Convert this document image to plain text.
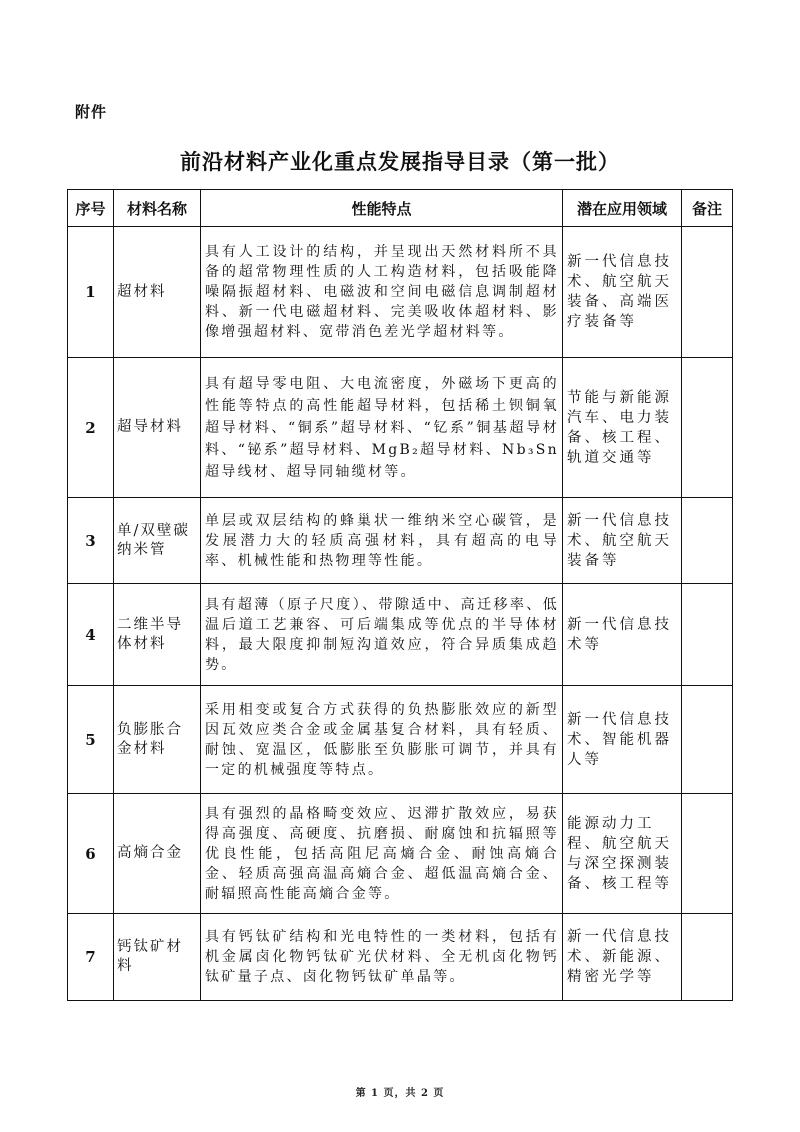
附件
前沿材料产业化重点发展指导目录（第一批）
序号	材料名称	性能特点	潜在应用领域	备注
1	超材料	具有人工设计的结构，并呈现出天然材料所不具备的超常物理性质的人工构造材料，包括吸能降噪隔振超材料、电磁波和空间电磁信息调制超材料、新一代电磁超材料、完美吸收体超材料、影像增强超材料、宽带消色差光学超材料等。	新一代信息技术、航空航天装备、高端医疗装备等	
2	超导材料	具有超导零电阻、大电流密度，外磁场下更高的性能等特点的高性能超导材料，包括稀土钡铜氧超导材料、“铜系”超导材料、“钇系”铜基超导材料、“铋系”超导材料、MgB₂超导材料、Nb₃Sn超导线材、超导同轴缆材等。	节能与新能源汽车、电力装备、核工程、轨道交通等	
3	单/双壁碳纳米管	单层或双层结构的蜂巢状一维纳米空心碳管，是发展潜力大的轻质高强材料，具有超高的电导率、机械性能和热物理等性能。	新一代信息技术、航空航天装备等	
4	二维半导体材料	具有超薄（原子尺度）、带隙适中、高迁移率、低温后道工艺兼容、可后端集成等优点的半导体材料，最大限度抑制短沟道效应，符合异质集成趋势。	新一代信息技术等	
5	负膨胀合金材料	采用相变或复合方式获得的负热膨胀效应的新型因瓦效应类合金或金属基复合材料，具有轻质、耐蚀、宽温区，低膨胀至负膨胀可调节，并具有一定的机械强度等特点。	新一代信息技术、智能机器人等	
6	高熵合金	具有强烈的晶格畸变效应、迟滞扩散效应，易获得高强度、高硬度、抗磨损、耐腐蚀和抗辐照等优良性能，包括高阻尼高熵合金、耐蚀高熵合金、轻质高强高温高熵合金、超低温高熵合金、耐辐照高性能高熵合金等。	能源动力工程、航空航天与深空探测装备、核工程等	
7	钙钛矿材料	具有钙钛矿结构和光电特性的一类材料，包括有机金属卤化物钙钛矿光伏材料、全无机卤化物钙钛矿量子点、卤化物钙钛矿单晶等。	新一代信息技术、新能源、精密光学等	
第 1 页，共 2 页
